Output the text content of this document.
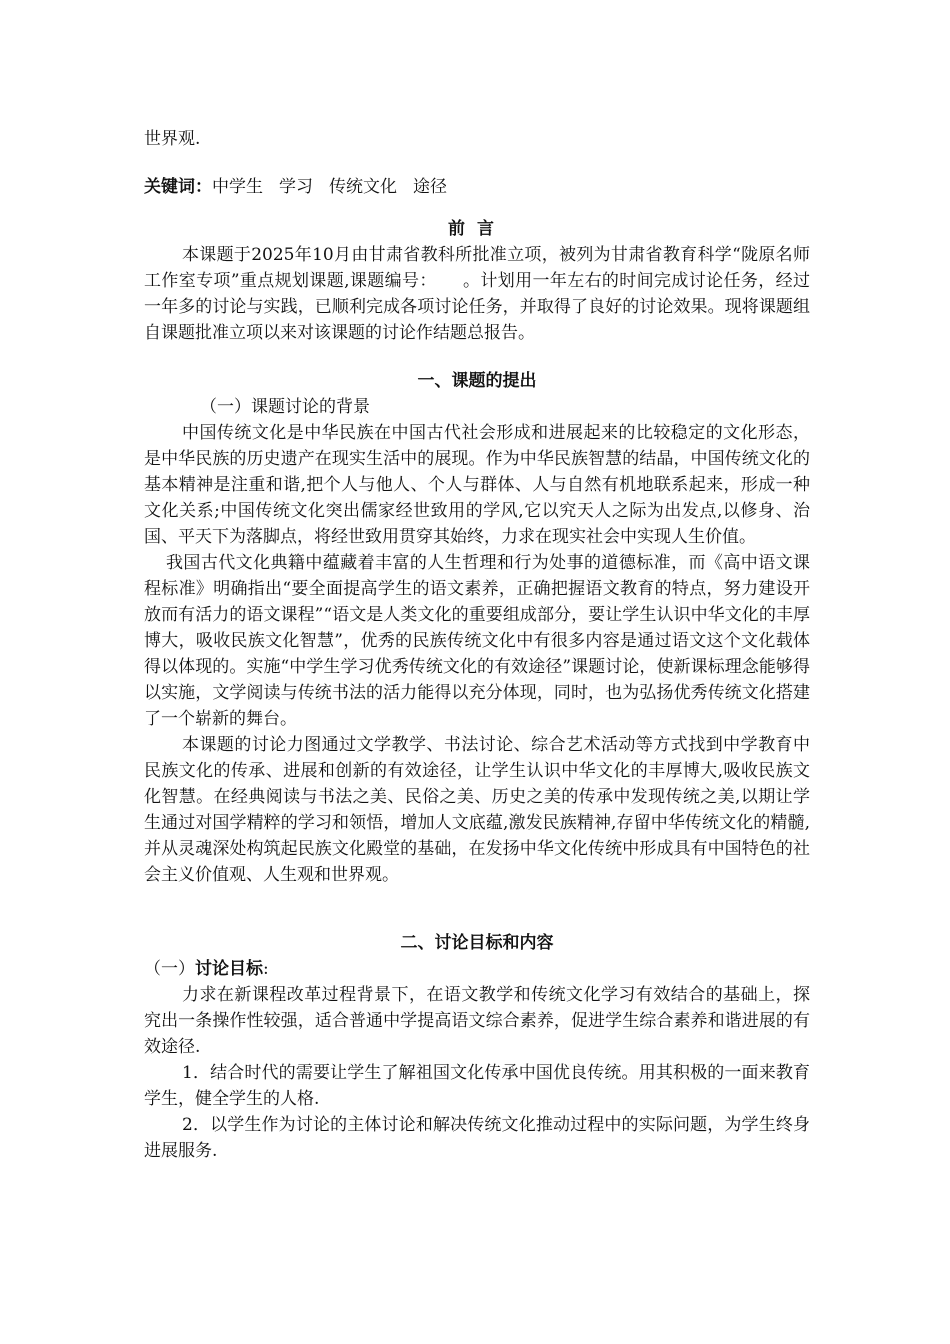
世界观.

关键词：中学生 学习 传统文化 途径

前言

本课题于2025年10月由甘肃省教科所批准立项，被列为甘肃省教育科学“陇原名师工作室专项”重点规划课题,课题编号：　　。计划用一年左右的时间完成讨论任务，经过一年多的讨论与实践，已顺利完成各项讨论任务，并取得了良好的讨论效果。现将课题组自课题批准立项以来对该课题的讨论作结题总报告。

一、课题的提出

（一）课题讨论的背景

中国传统文化是中华民族在中国古代社会形成和进展起来的比较稳定的文化形态，是中华民族的历史遗产在现实生活中的展现。作为中华民族智慧的结晶，中国传统文化的基本精神是注重和谐,把个人与他人、个人与群体、人与自然有机地联系起来，形成一种文化关系;中国传统文化突出儒家经世致用的学风,它以究天人之际为出发点,以修身、治国、平天下为落脚点，将经世致用贯穿其始终，力求在现实社会中实现人生价值。

我国古代文化典籍中蕴藏着丰富的人生哲理和行为处事的道德标准，而《高中语文课程标准》明确指出“要全面提高学生的语文素养，正确把握语文教育的特点，努力建设开放而有活力的语文课程”“语文是人类文化的重要组成部分，要让学生认识中华文化的丰厚博大，吸收民族文化智慧”，优秀的民族传统文化中有很多内容是通过语文这个文化载体得以体现的。实施“中学生学习优秀传统文化的有效途径”课题讨论，使新课标理念能够得以实施，文学阅读与传统书法的活力能得以充分体现，同时，也为弘扬优秀传统文化搭建了一个崭新的舞台。

本课题的讨论力图通过文学教学、书法讨论、综合艺术活动等方式找到中学教育中民族文化的传承、进展和创新的有效途径，让学生认识中华文化的丰厚博大,吸收民族文化智慧。在经典阅读与书法之美、民俗之美、历史之美的传承中发现传统之美,以期让学生通过对国学精粹的学习和领悟，增加人文底蕴,激发民族精神,存留中华传统文化的精髓,并从灵魂深处构筑起民族文化殿堂的基础，在发扬中华文化传统中形成具有中国特色的社会主义价值观、人生观和世界观。

二、讨论目标和内容

（一）讨论目标:

力求在新课程改革过程背景下，在语文教学和传统文化学习有效结合的基础上，探究出一条操作性较强，适合普通中学提高语文综合素养，促进学生综合素养和谐进展的有效途径.

1．结合时代的需要让学生了解祖国文化传承中国优良传统。用其积极的一面来教育学生，健全学生的人格.

2．以学生作为讨论的主体讨论和解决传统文化推动过程中的实际问题，为学生终身进展服务.
